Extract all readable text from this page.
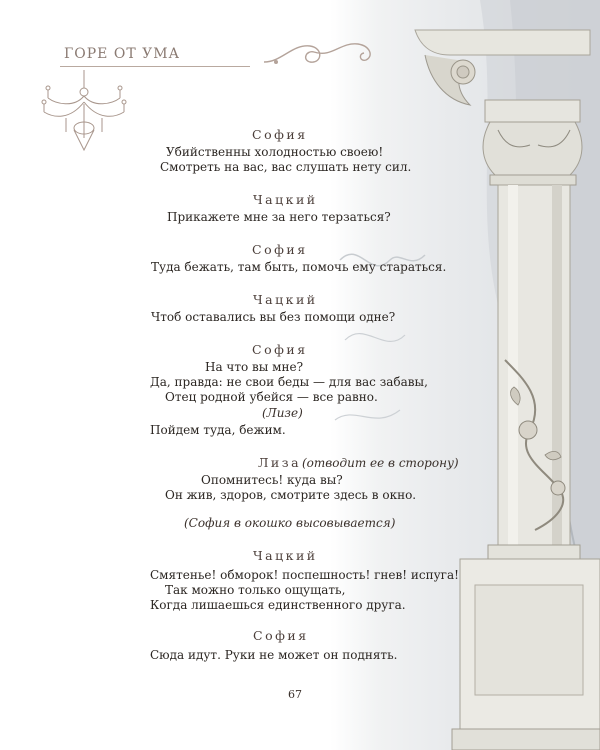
ГОРЕ ОТ УМА
София
Убийственны холодностью своею!
Смотреть на вас, вас слушать нету сил.
Чацкий
Прикажете мне за него терзаться?
София
Туда бежать, там быть, помочь ему стараться.
Чацкий
Чтоб оставались вы без помощи одне?
София
На что вы мне?
Да, правда: не свои беды — для вас забавы,
Отец родной убейся — все равно.
(Лизе)
Пойдем туда, бежим.
Лиза (отводит ее в сторону)
Опомнитесь! куда вы?
Он жив, здоров, смотрите здесь в окно.
(София в окошко высовывается)
Чацкий
Смятенье! обморок! поспешность! гнев! испуга!
Так можно только ощущать,
Когда лишаешься единственного друга.
София
Сюда идут. Руки не может он поднять.
67
